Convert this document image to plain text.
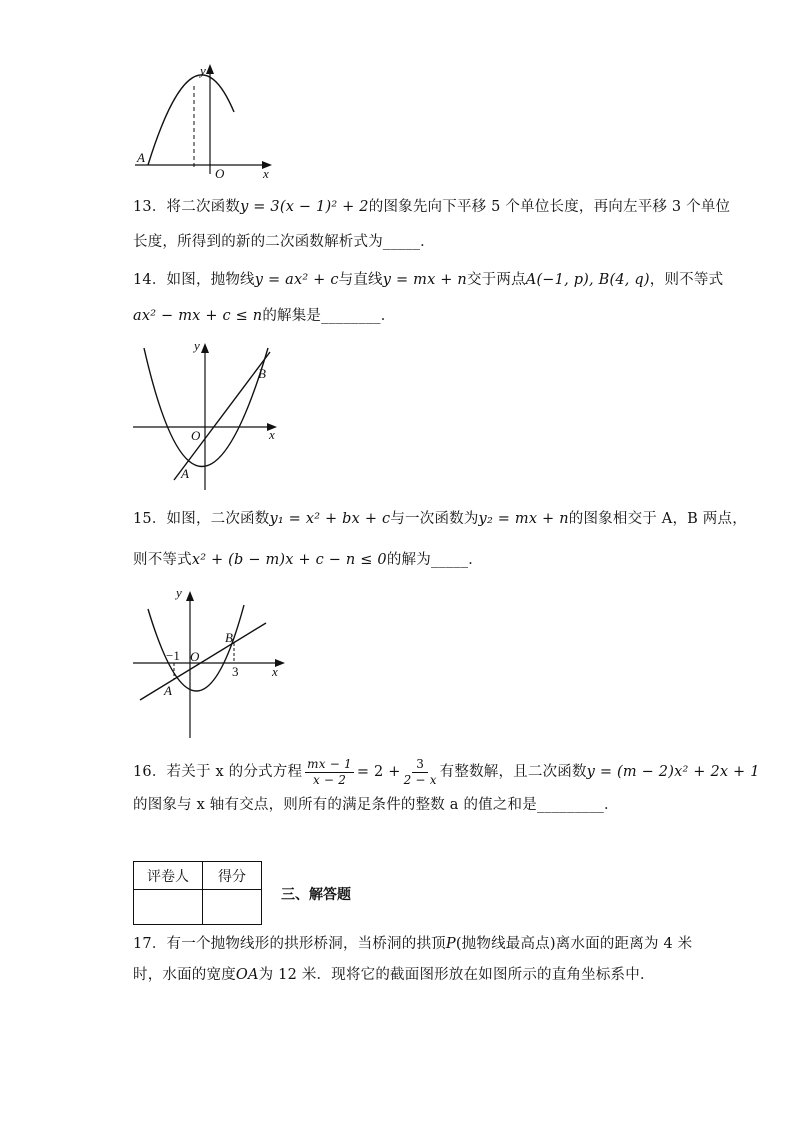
y
x
O
A
13．将二次函数y = 3(x − 1)² + 2的图象先向下平移 5 个单位长度，再向左平移 3 个单位
长度，所得到的新的二次函数解析式为_____．
14．如图，抛物线y = ax² + c与直线y = mx + n交于两点A(−1, p), B(4, q)，则不等式
ax² − mx + c ≤ n的解集是________．
y
x
O
A
B
15．如图，二次函数y₁ = x² + bx + c与一次函数为y₂ = mx + n的图象相交于 A，B 两点，
则不等式x² + (b − m)x + c − n ≤ 0的解为_____．
y
x
O
A
B
−1
3
16．若关于 x 的分式方程 $\frac{mx - 1}{x - 2} = 2 + \frac{3}{2 - x}$ 有整数解，且二次函数 y = (m − 2)x² + 2x + 1
的图象与 x 轴有交点，则所有的满足条件的整数 a 的值之和是_________．
评卷人	得分

三、解答题
17．有一个抛物线形的拱形桥洞，当桥洞的拱顶P(抛物线最高点)离水面的距离为 4 米
时，水面的宽度OA为 12 米．现将它的截面图形放在如图所示的直角坐标系中．
